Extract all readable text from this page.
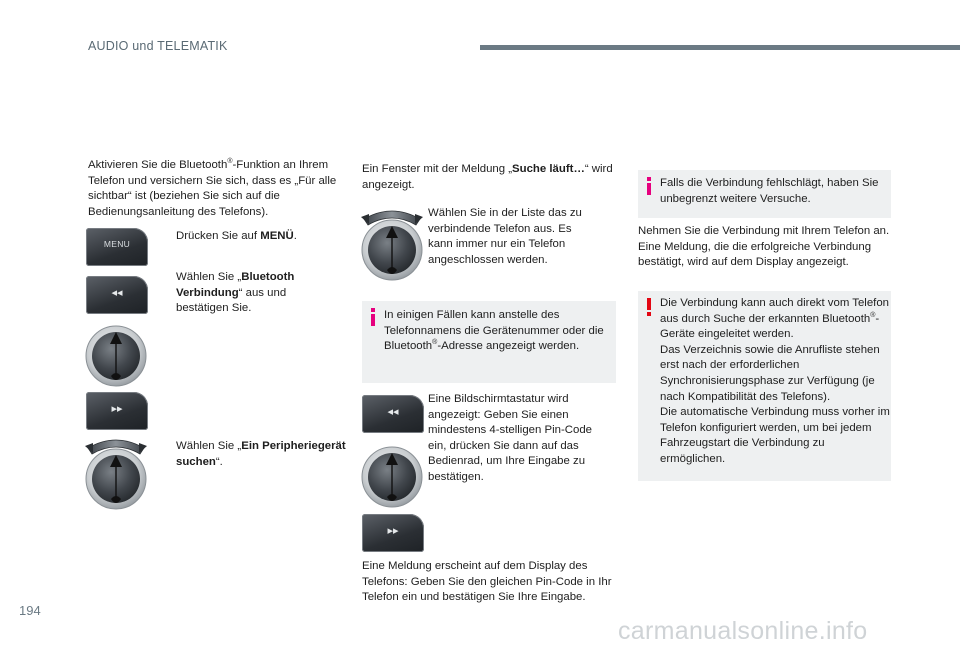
AUDIO und TELEMATIK

Aktivieren Sie die Bluetooth®-Funktion an Ihrem Telefon und versichern Sie sich, dass es „Für alle sichtbar“ ist (beziehen Sie sich auf die Bedienungsanleitung des Telefons).

MENU

Drücken Sie auf MENÜ.

◂◂

Wählen Sie „Bluetooth Verbindung“ aus und bestätigen Sie.

▸▸

Wählen Sie „Ein Peripheriegerät suchen“.

Ein Fenster mit der Meldung „Suche läuft…“ wird angezeigt.

Wählen Sie in der Liste das zu verbindende Telefon aus. Es kann immer nur ein Telefon angeschlossen werden.

In einigen Fällen kann anstelle des Telefonnamens die Gerätenummer oder die Bluetooth®-Adresse angezeigt werden.

◂◂
▸▸

Eine Bildschirmtastatur wird angezeigt: Geben Sie einen mindestens 4-stelligen Pin-Code ein, drücken Sie dann auf das Bedienrad, um Ihre Eingabe zu bestätigen.

Eine Meldung erscheint auf dem Display des Telefons: Geben Sie den gleichen Pin-Code in Ihr Telefon ein und bestätigen Sie Ihre Eingabe.

Falls die Verbindung fehlschlägt, haben Sie unbegrenzt weitere Versuche.

Nehmen Sie die Verbindung mit Ihrem Telefon an.
Eine Meldung, die die erfolgreiche Verbindung bestätigt, wird auf dem Display angezeigt.

Die Verbindung kann auch direkt vom Telefon aus durch Suche der erkannten Bluetooth®-Geräte eingeleitet werden.
Das Verzeichnis sowie die Anrufliste stehen erst nach der erforderlichen Synchronisierungsphase zur Verfügung (je nach Kompatibilität des Telefons).
Die automatische Verbindung muss vorher im Telefon konfiguriert werden, um bei jedem Fahrzeugstart die Verbindung zu ermöglichen.

194
carmanualsonline.info
